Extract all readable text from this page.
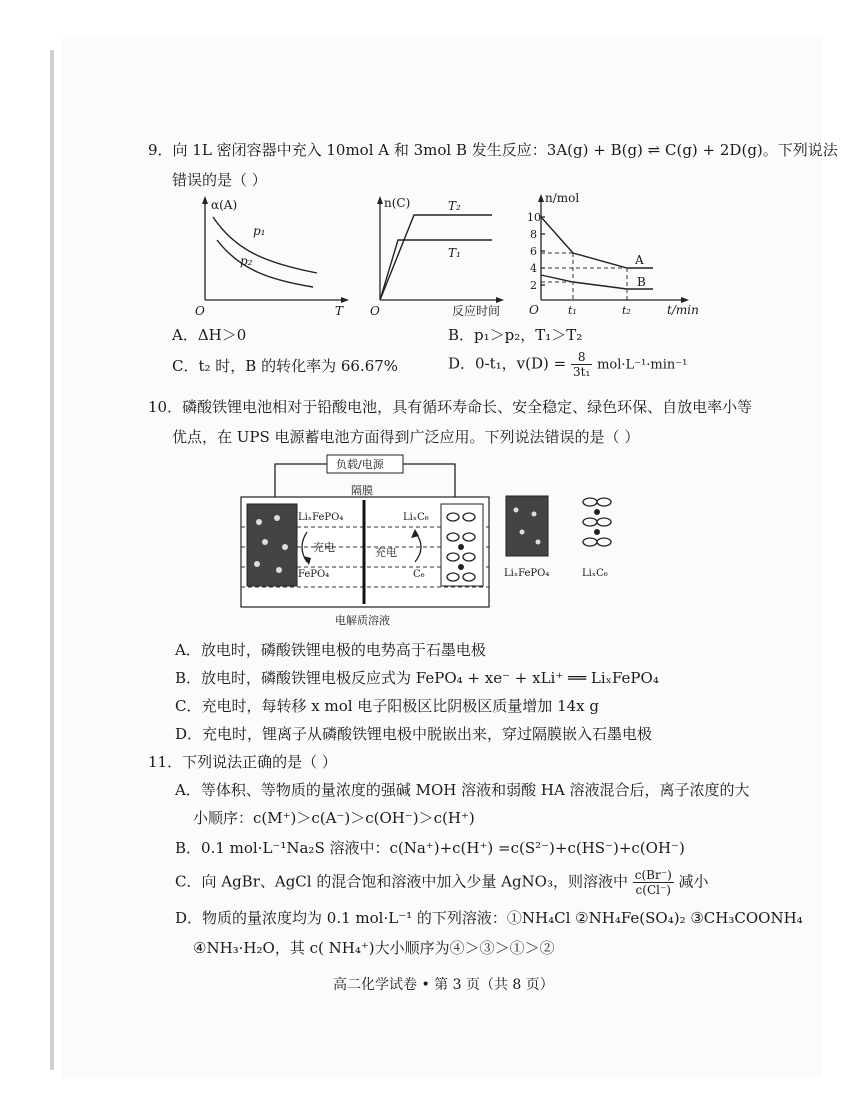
9．向 1L 密闭容器中充入 10mol A 和 3mol B 发生反应：3A(g) + B(g) ⇌ C(g) + 2D(g)。下列说法
错误的是（ ）
α(A)
p₁
p₂
O	T
n(C)	T₂
T₁
O	反应时间
10
8
6
4
2
n/mol
A
B
O	t₁	t₂	t/min
A．ΔH＞0	B．p₁＞p₂，T₁＞T₂
C．t₂ 时，B 的转化率为 66.67%	D．0-t₁，$v(D) = \frac{8}{\text{3t₁}} mol\cdot L^{-1}\cdot\min^{-1}$
10．磷酸铁锂电池相对于铅酸电池，具有循环寿命长、安全稳定、绿色环保、自放电率小等
优点，在 UPS 电源蓄电池方面得到广泛应用。下列说法错误的是（ ）
负载/电源
隔膜
LiₓFePO₄
FePO₄
LiₓC₆
C₆
充电	充电
电解质溶液
LiₓFePO₄	LiₓC₆
A．放电时，磷酸铁锂电极的电势高于石墨电极
B．放电时，磷酸铁锂电极反应式为 FePO₄ + xe⁻ + xLi⁺ ══ LiₓFePO₄
C．充电时，每转移 x mol 电子阳极区比阴极区质量增加 14x g
D．充电时，锂离子从磷酸铁锂电极中脱嵌出来，穿过隔膜嵌入石墨电极
11．下列说法正确的是（ ）
A．等体积、等物质的量浓度的强碱 MOH 溶液和弱酸 HA 溶液混合后，离子浓度的大
小顺序：c(M⁺)＞c(A⁻)＞c(OH⁻)＞c(H⁺)
B．0.1 mol·L⁻¹Na₂S 溶液中：c(Na⁺)+c(H⁺) =c(S²⁻)+c(HS⁻)+c(OH⁻)
C．向 AgBr、AgCl 的混合饱和溶液中加入少量 AgNO₃，则溶液中 $\frac{c(Br^-)}{c(Cl^-)}$ 减小
D．物质的量浓度均为 0.1 mol·L⁻¹ 的下列溶液：①NH₄Cl ②NH₄Fe(SO₄)₂ ③CH₃COONH₄
④NH₃·H₂O，其 c( NH₄⁺)大小顺序为④＞③＞①＞②
高二化学试卷 • 第 3 页（共 8 页）
